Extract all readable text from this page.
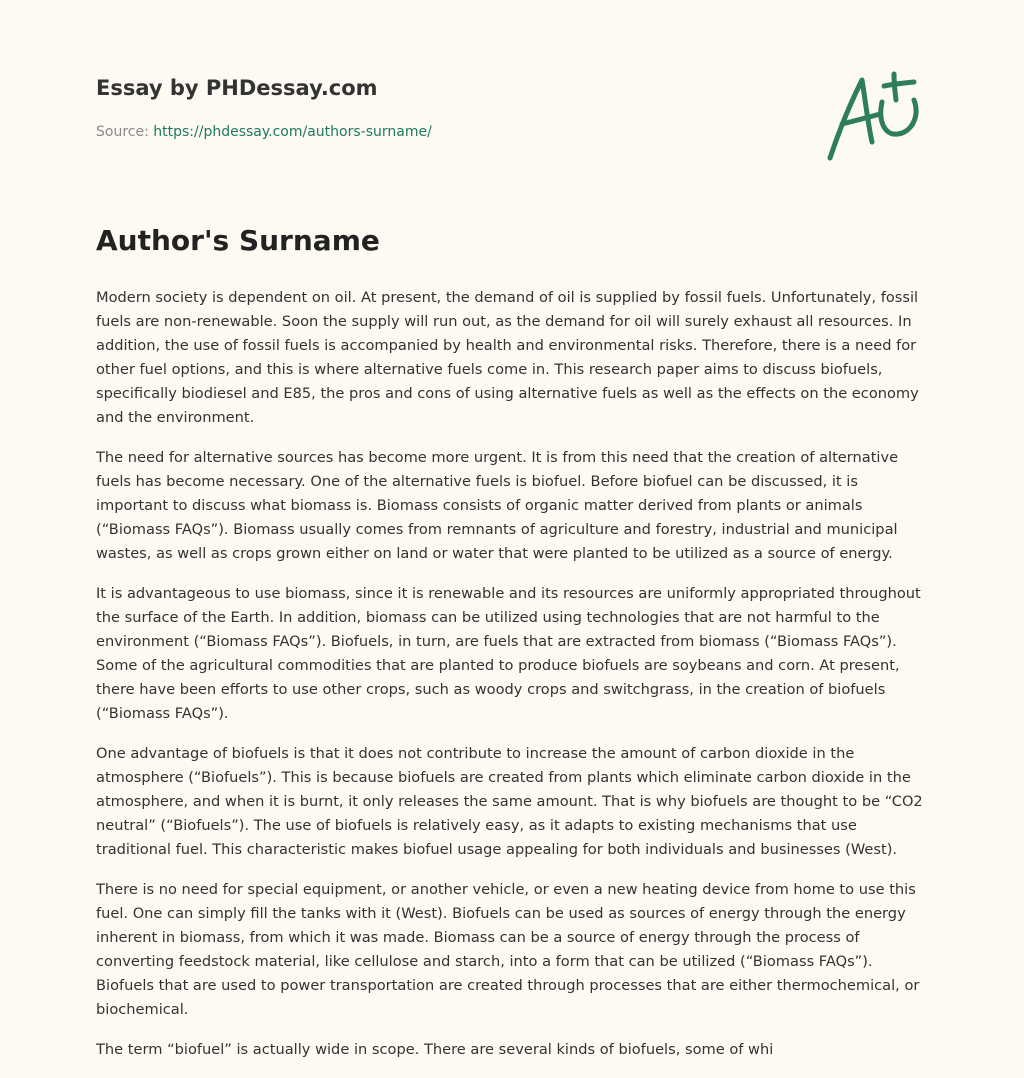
Essay by PHDessay.com
Source: https://phdessay.com/authors-surname/
Author's Surname

Modern society is dependent on oil. At present, the demand of oil is supplied by fossil fuels. Unfortunately, fossil fuels are non-renewable. Soon the supply will run out, as the demand for oil will surely exhaust all resources. In addition, the use of fossil fuels is accompanied by health and environmental risks. Therefore, there is a need for other fuel options, and this is where alternative fuels come in. This research paper aims to discuss biofuels, specifically biodiesel and E85, the pros and cons of using alternative fuels as well as the effects on the economy and the environment.

The need for alternative sources has become more urgent. It is from this need that the creation of alternative fuels has become necessary. One of the alternative fuels is biofuel. Before biofuel can be discussed, it is important to discuss what biomass is. Biomass consists of organic matter derived from plants or animals (“Biomass FAQs”). Biomass usually comes from remnants of agriculture and forestry, industrial and municipal wastes, as well as crops grown either on land or water that were planted to be utilized as a source of energy.

It is advantageous to use biomass, since it is renewable and its resources are uniformly appropriated throughout the surface of the Earth. In addition, biomass can be utilized using technologies that are not harmful to the environment (“Biomass FAQs”). Biofuels, in turn, are fuels that are extracted from biomass (“Biomass FAQs”). Some of the agricultural commodities that are planted to produce biofuels are soybeans and corn. At present, there have been efforts to use other crops, such as woody crops and switchgrass, in the creation of biofuels (“Biomass FAQs”).

One advantage of biofuels is that it does not contribute to increase the amount of carbon dioxide in the atmosphere (“Biofuels”). This is because biofuels are created from plants which eliminate carbon dioxide in the atmosphere, and when it is burnt, it only releases the same amount. That is why biofuels are thought to be “CO2 neutral” (“Biofuels”). The use of biofuels is relatively easy, as it adapts to existing mechanisms that use traditional fuel. This characteristic makes biofuel usage appealing for both individuals and businesses (West).

There is no need for special equipment, or another vehicle, or even a new heating device from home to use this fuel. One can simply fill the tanks with it (West). Biofuels can be used as sources of energy through the energy inherent in biomass, from which it was made. Biomass can be a source of energy through the process of converting feedstock material, like cellulose and starch, into a form that can be utilized (“Biomass FAQs”). Biofuels that are used to power transportation are created through processes that are either thermochemical, or biochemical.

The term “biofuel” is actually wide in scope. There are several kinds of biofuels, some of whi
